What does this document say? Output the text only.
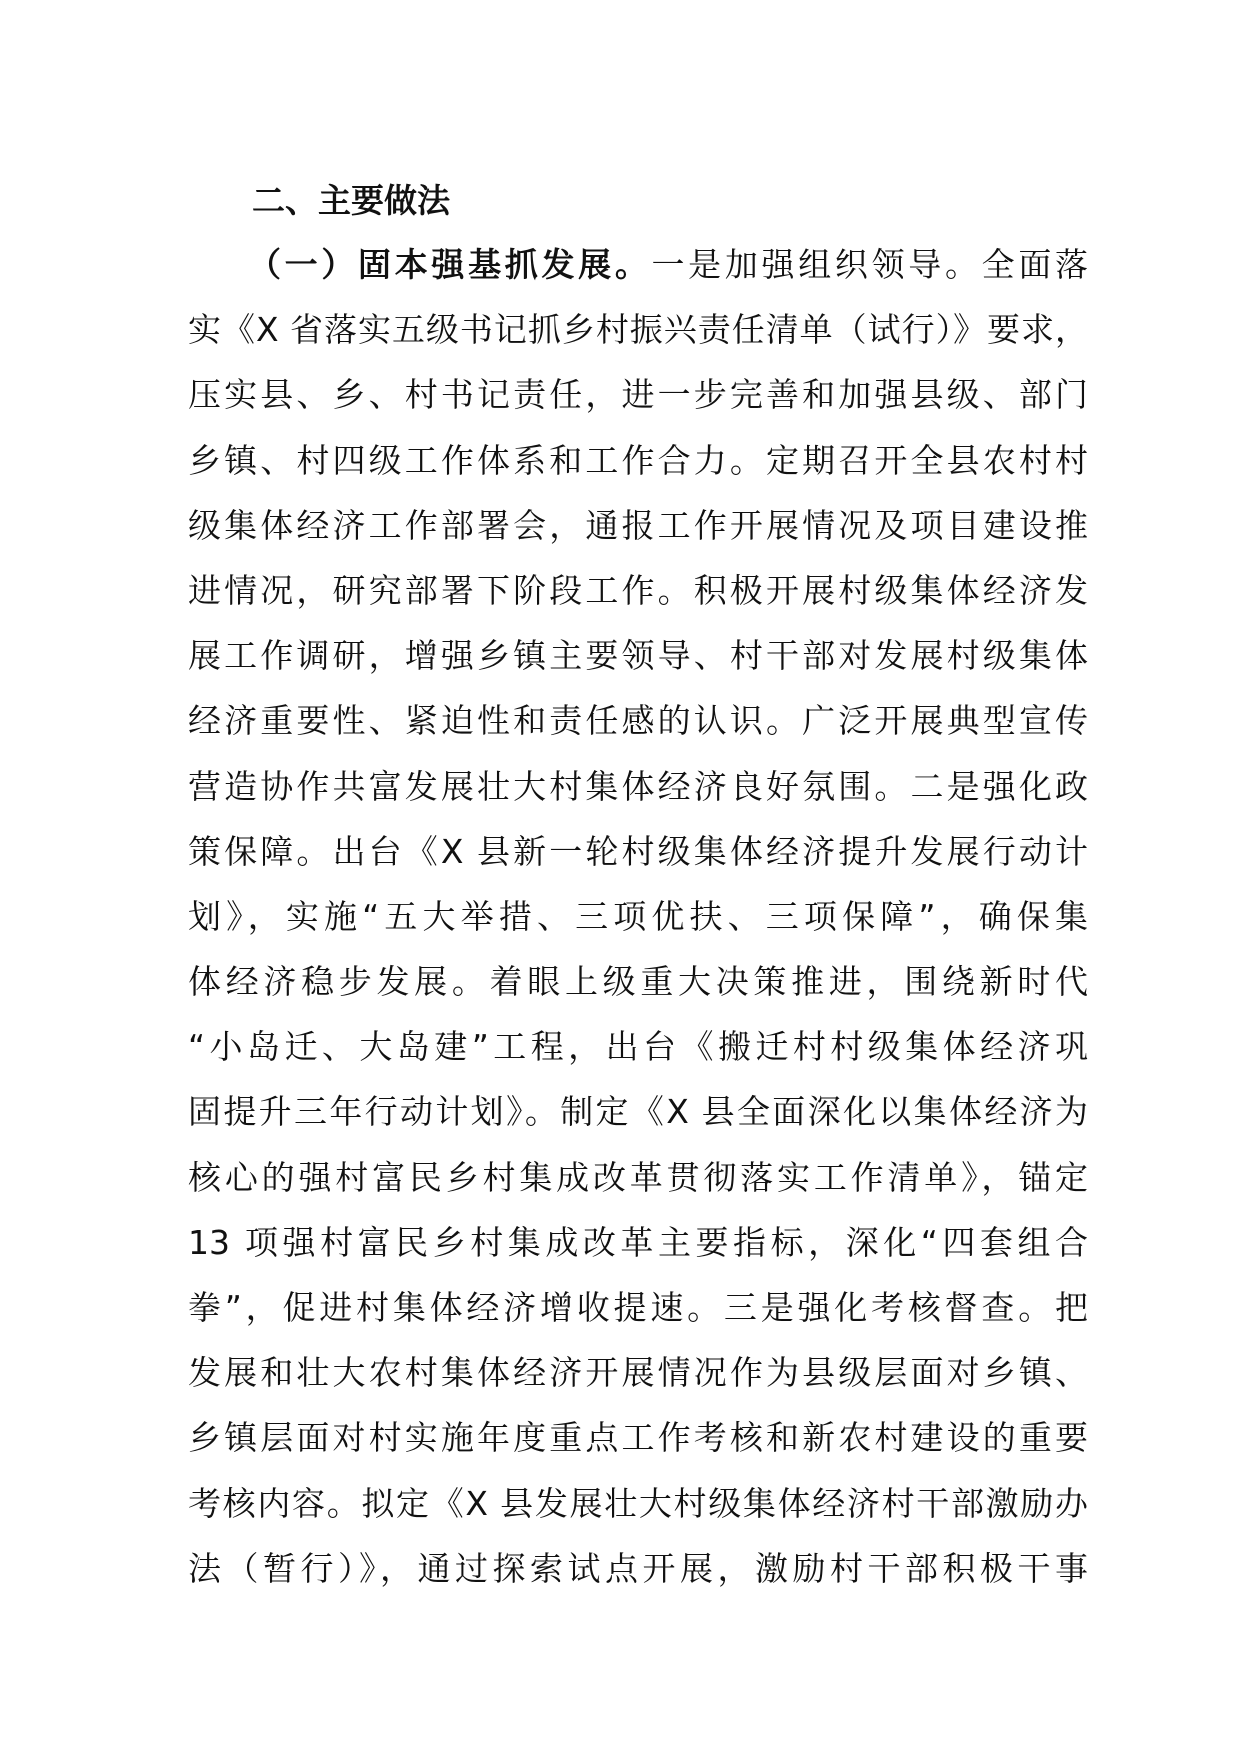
二、主要做法
（一）固本强基抓发展。一是加强组织领导。全面落
实《X 省落实五级书记抓乡村振兴责任清单（试行）》要求，
压实县、乡、村书记责任，进一步完善和加强县级、部门
乡镇、村四级工作体系和工作合力。定期召开全县农村村
级集体经济工作部署会，通报工作开展情况及项目建设推
进情况，研究部署下阶段工作。积极开展村级集体经济发
展工作调研，增强乡镇主要领导、村干部对发展村级集体
经济重要性、紧迫性和责任感的认识。广泛开展典型宣传
营造协作共富发展壮大村集体经济良好氛围。二是强化政
策保障。出台《X 县新一轮村级集体经济提升发展行动计
划》，实施“五大举措、三项优扶、三项保障”，确保集
体经济稳步发展。着眼上级重大决策推进，围绕新时代
“小岛迁、大岛建”工程，出台《搬迁村村级集体经济巩
固提升三年行动计划》。制定《X 县全面深化以集体经济为
核心的强村富民乡村集成改革贯彻落实工作清单》，锚定
13 项强村富民乡村集成改革主要指标，深化“四套组合
拳”，促进村集体经济增收提速。三是强化考核督查。把
发展和壮大农村集体经济开展情况作为县级层面对乡镇、
乡镇层面对村实施年度重点工作考核和新农村建设的重要
考核内容。拟定《X 县发展壮大村级集体经济村干部激励办
法（暂行）》，通过探索试点开展，激励村干部积极干事
